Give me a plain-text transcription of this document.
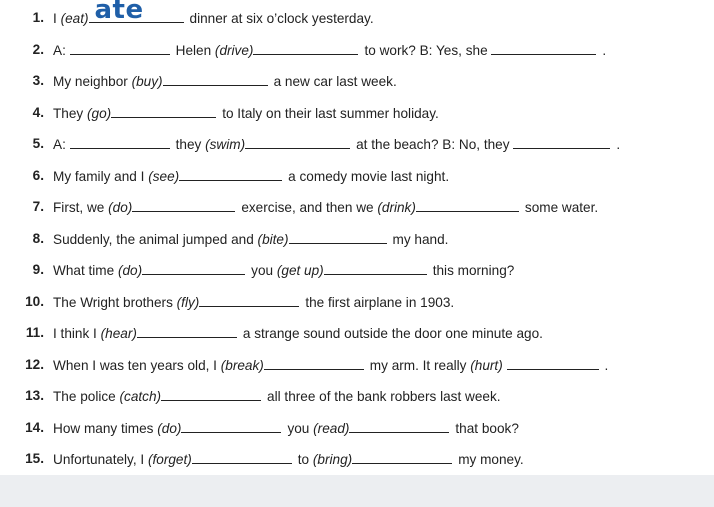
1. I (eat) ate	dinner at six o’clock yesterday.
2. A:	Helen (drive)	to work? B: Yes, she	.
3. My neighbor (buy)	a new car last week.
4. They (go)	to Italy on their last summer holiday.
5. A:	they (swim)	at the beach? B: No, they	.
6. My family and I (see)	a comedy movie last night.
7. First, we (do)	exercise, and then we (drink)	some water.
8. Suddenly, the animal jumped and (bite)	my hand.
9. What time (do)	you (get up)	this morning?
10. The Wright brothers (fly)	the first airplane in 1903.
11. I think I (hear)	a strange sound outside the door one minute ago.
12. When I was ten years old, I (break)	my arm. It really (hurt)	.
13. The police (catch)	all three of the bank robbers last week.
14. How many times (do)	you (read)	that book?
15. Unfortunately, I (forget)	to (bring)	my money.
